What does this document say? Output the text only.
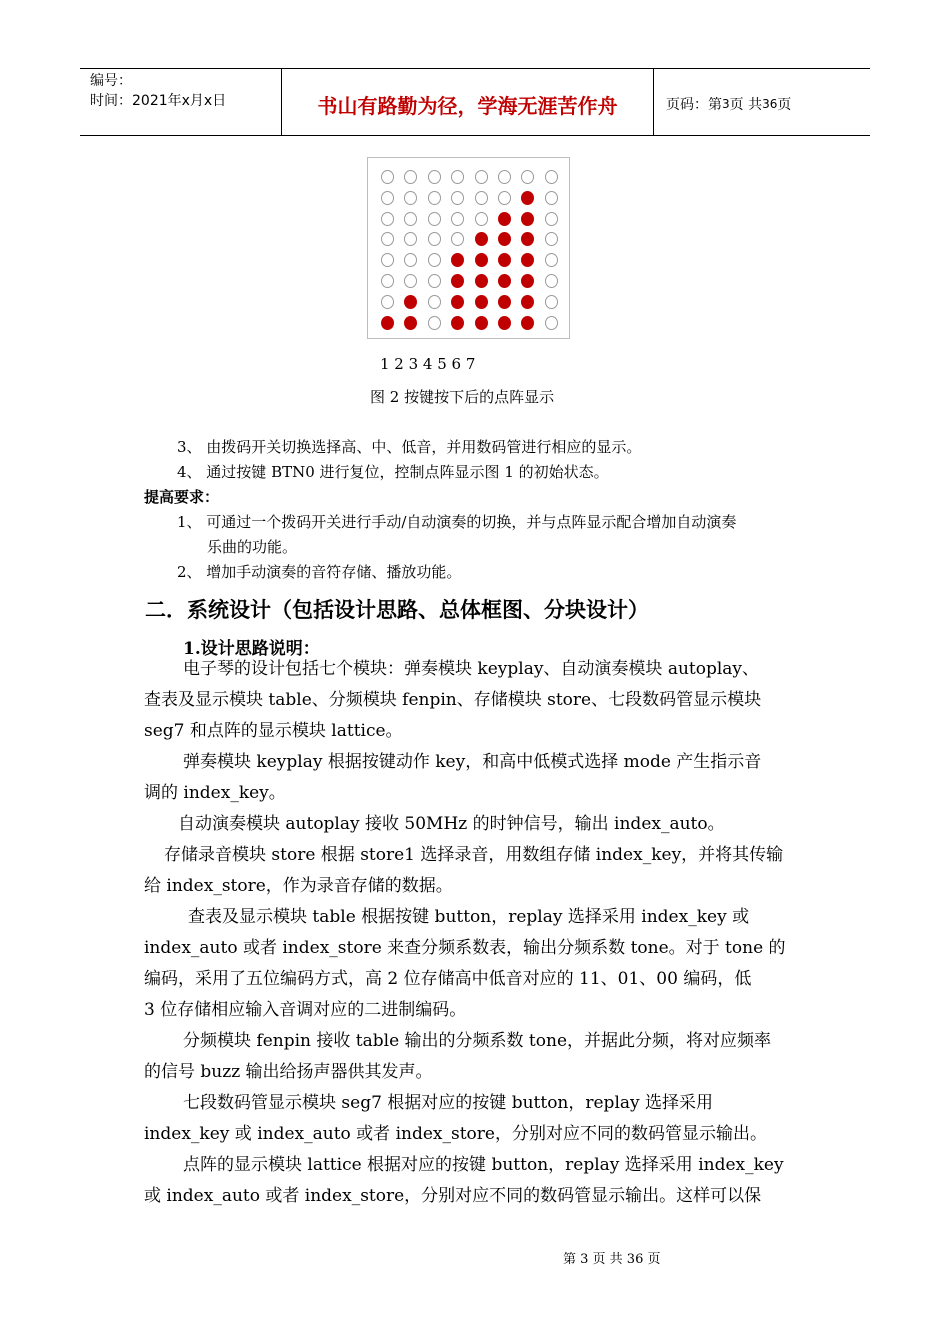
编号：
时间：2021年x月x日	书山有路勤为径，学海无涯苦作舟	页码：第 3 页 共 36 页
1 2 3 4 5 6 7
图 2 按键按下后的点阵显示
3、 由拨码开关切换选择高、中、低音，并用数码管进行相应的显示。
4、 通过按键 BTN0 进行复位，控制点阵显示图 1 的初始状态。
提高要求：
1、 可通过一个拨码开关进行手动/自动演奏的切换，并与点阵显示配合增加自动演奏
乐曲的功能。
2、 增加手动演奏的音符存储、播放功能。
二．系统设计（包括设计思路、总体框图、分块设计）
1.设计思路说明：
电子琴的设计包括七个模块：弹奏模块 keyplay、自动演奏模块 autoplay、
查表及显示模块 table、分频模块 fenpin、存储模块 store、七段数码管显示模块
seg7 和点阵的显示模块 lattice。
弹奏模块 keyplay 根据按键动作 key，和高中低模式选择 mode 产生指示音
调的 index_key。
自动演奏模块 autoplay 接收 50MHz 的时钟信号，输出 index_auto。
存储录音模块 store 根据 store1 选择录音，用数组存储 index_key，并将其传输
给 index_store，作为录音存储的数据。
查表及显示模块 table 根据按键 button，replay 选择采用 index_key 或
index_auto 或者 index_store 来查分频系数表，输出分频系数 tone。对于 tone 的
编码，采用了五位编码方式，高 2 位存储高中低音对应的 11、01、00 编码，低
3 位存储相应输入音调对应的二进制编码。
分频模块 fenpin 接收 table 输出的分频系数 tone，并据此分频，将对应频率
的信号 buzz 输出给扬声器供其发声。
七段数码管显示模块 seg7 根据对应的按键 button，replay 选择采用
index_key 或 index_auto 或者 index_store，分别对应不同的数码管显示输出。
点阵的显示模块 lattice 根据对应的按键 button，replay 选择采用 index_key
或 index_auto 或者 index_store，分别对应不同的数码管显示输出。这样可以保
第 3 页 共 36 页
